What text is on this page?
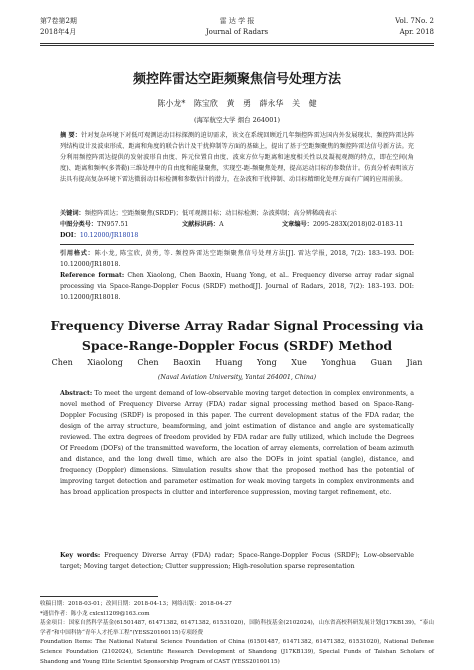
第7卷第2期
2018年4月
雷 达 学 报
Journal of Radars
Vol. 7No. 2
Apr. 2018
频控阵雷达空距频聚焦信号处理方法
陈小龙* 陈宝欣 黄 勇 薛永华 关 健
(海军航空大学 烟台 264001)
摘 要：针对复杂环境下对低可观测运动目标探测的迫切需求，该文在系统回顾近几年频控阵雷达国内外发展现状、频控阵雷达阵列结构设计及波束形成、距离和角度的联合估计及干扰抑制等方面的基础上，提出了基于空距频聚焦的频控阵雷达信号新方法。充分利用频控阵雷达提供的发射波形自由度、阵元位置自由度、波束方位与距离和速度相关性以及凝视观测的特点，即在空间(角度)、距离和频率(多普勒)三维处理中的自由度和能量聚焦，实现空-距-频聚焦处理，提高运动目标的参数估计。仿真分析表明该方法具有提高复杂环境下雷达微弱动目标检测和参数估计的潜力，在杂波和干扰抑制、动目标精细化处理方面有广阔的应用前景。
关键词：频控阵雷达；空距频聚焦(SRDF)；低可观测目标；动目标检测；杂波抑制；高分辨稀疏表示
中图分类号：TN957.51	文献标识码：A	文章编号：2095-283X(2018)02-0183-11
DOI：10.12000/JR18018
引用格式：陈小龙, 陈宝欣, 黄勇, 等. 频控阵雷达空距频聚焦信号处理方法[J]. 雷达学报, 2018, 7(2): 183–193. DOI: 10.12000/JR18018.
Reference format: Chen Xiaolong, Chen Baoxin, Huang Yong, et al.. Frequency diverse array radar signal processing via Space-Range-Doppler Focus (SRDF) method[J]. Journal of Radars, 2018, 7(2): 183–193. DOI: 10.12000/JR18018.
Frequency Diverse Array Radar Signal Processing via
Space-Range-Doppler Focus (SRDF) Method
Chen Xiaolong Chen Baoxin Huang Yong Xue Yonghua Guan Jian
(Naval Aviation University, Yantai 264001, China)
Abstract: To meet the urgent demand of low-observable moving target detection in complex environments, a novel method of Frequency Diverse Array (FDA) radar signal processing method based on Space-Rang-Doppler Focusing (SRDF) is proposed in this paper. The current development status of the FDA radar, the design of the array structure, beamforming, and joint estimation of distance and angle are systematically reviewed. The extra degrees of freedom provided by FDA radar are fully utilized, which include the Degrees Of Freedom (DOFs) of the transmitted waveform, the location of array elements, correlation of beam azimuth and distance, and the long dwell time, which are also the DOFs in joint spatial (angle), distance, and frequency (Doppler) dimensions. Simulation results show that the proposed method has the potential of improving target detection and parameter estimation for weak moving targets in complex environments and has broad application prospects in clutter and interference suppression, moving target refinement, etc.
Key words: Frequency Diverse Array (FDA) radar; Space-Range-Doppler Focus (SRDF); Low-observable target; Moving target detection; Clutter suppression; High-resolution sparse representation
收稿日期：2018-03-01；改回日期：2018-04-13；网络出版：2018-04-27
*通信作者：陈小龙 cxlcxl1209@163.com
基金项目：国家自然科学基金(61501487, 61471382, 61471382, 61531020)，国防科技基金(2102024)，山东省高校科研发展计划(J17KB139)，“泰山学者”和中国科协“青年人才托举工程”(YESS20160115)专项经费
Foundation Items: The National Natural Science Foundation of China (61501487, 61471382, 61471382, 61531020), National Defense Science Foundation (2102024), Scientific Research Development of Shandong (J17KB139), Special Funds of Taishan Scholars of Shandong and Young Elite Scientist Sponsorship Program of CAST (YESS20160115)
